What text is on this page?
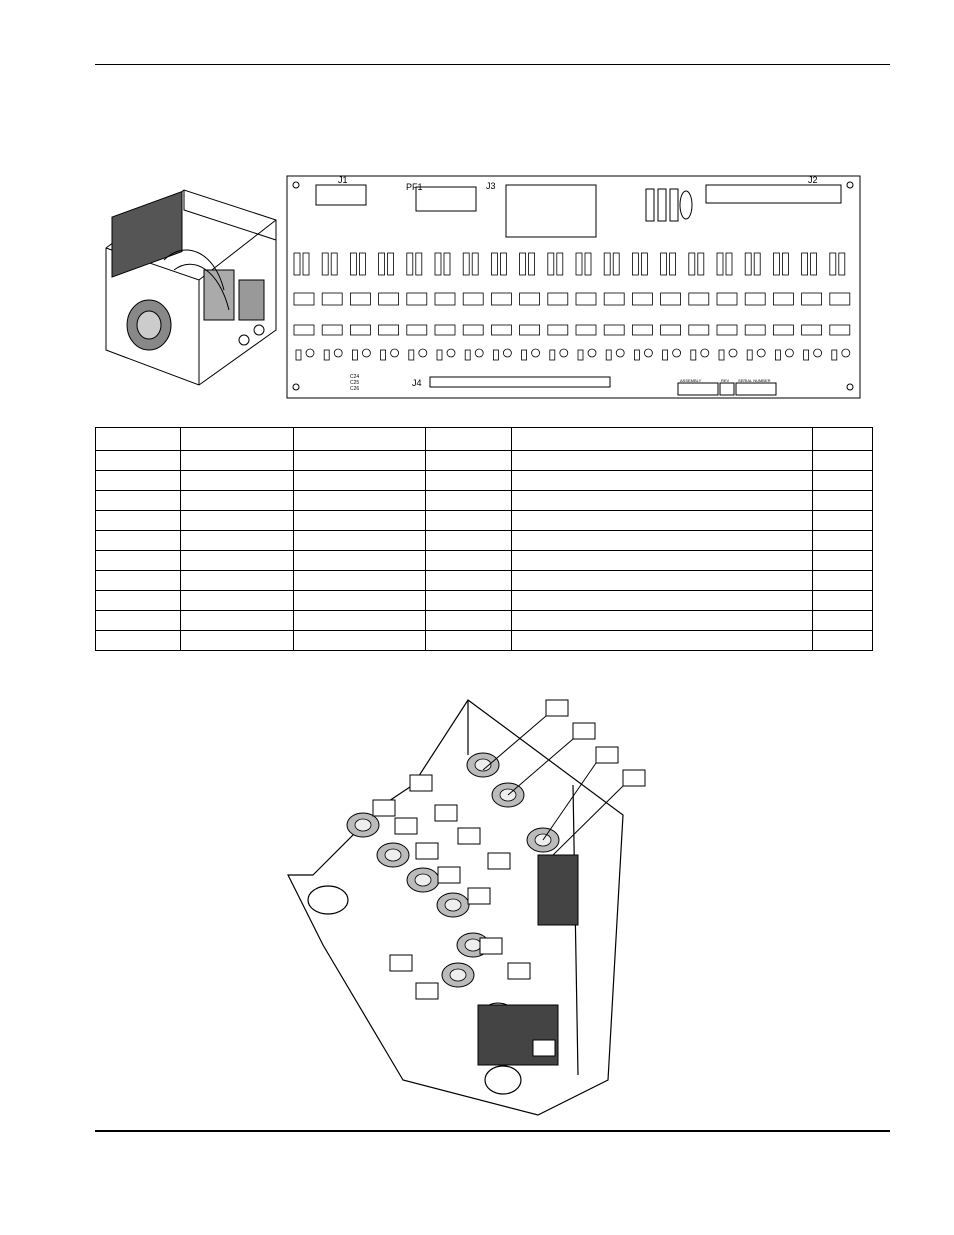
J1
PF1	J3
J2
J4	ASSEMBLY	REV SERIAL NUMBER
C24
C25
C26
